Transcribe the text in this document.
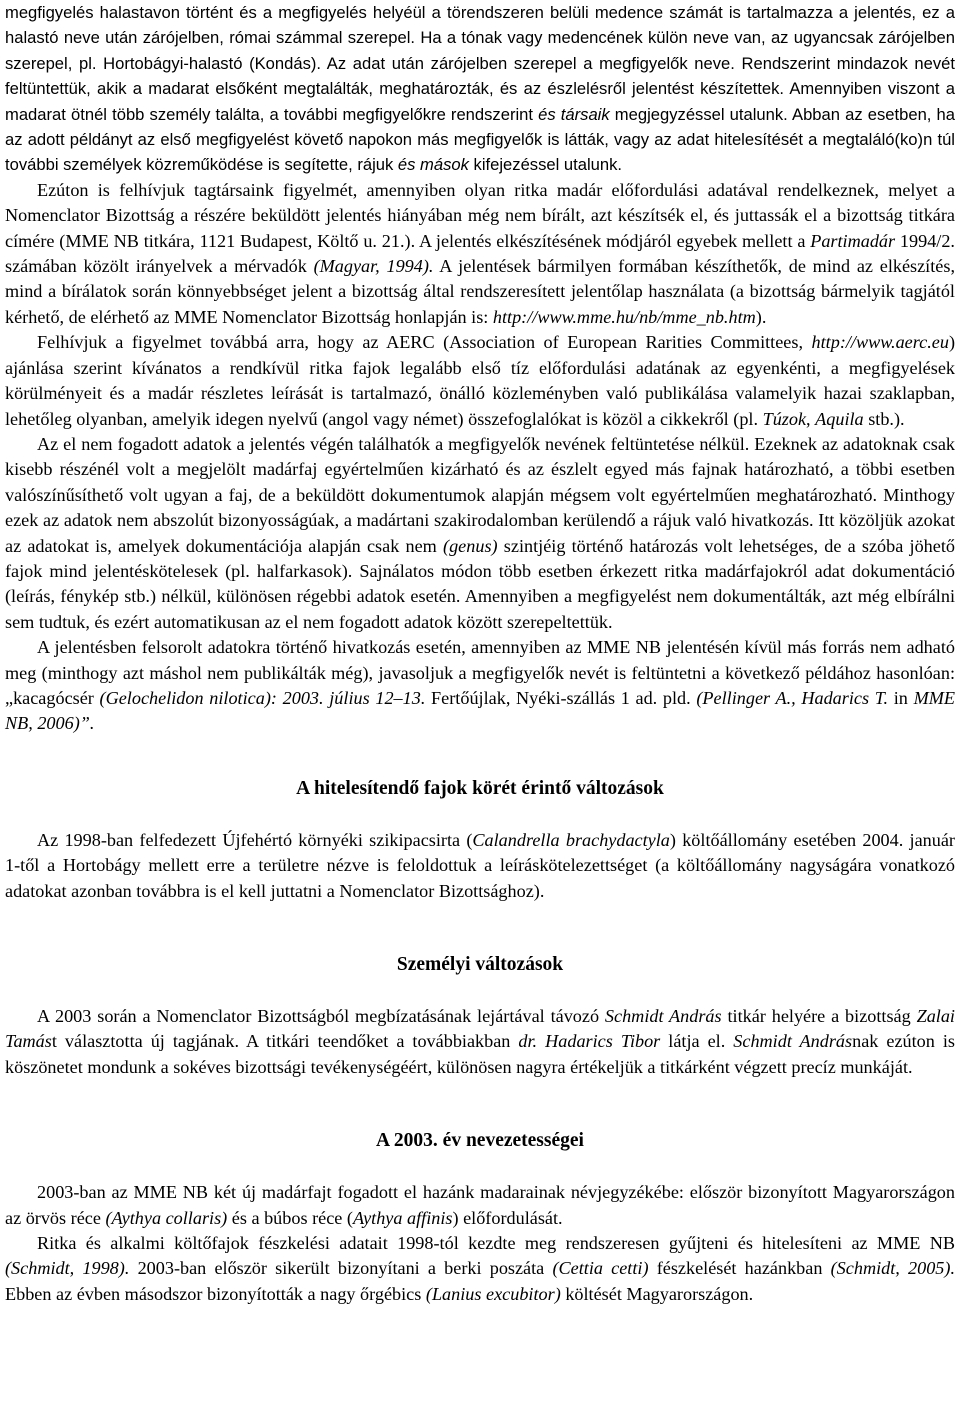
megfigyelés halastavon történt és a megfigyelés helyéül a törendszeren belüli medence számát is tartalmazza a jelentés, ez a halastó neve után zárójelben, római számmal szerepel. Ha a tónak vagy medencének külön neve van, az ugyancsak zárójelben szerepel, pl. Hortobágyi-halastó (Kondás). Az adat után zárójelben szerepel a megfigyelők neve. Rendszerint mindazok nevét feltüntettük, akik a madarat elsőként megtalálták, meghatározták, és az észlelésről jelentést készítettek. Amennyiben viszont a madarat ötnél több személy találta, a további megfigyelőkre rendszerint és társaik megjegyzéssel utalunk. Abban az esetben, ha az adott példányt az első megfigyelést követő napokon más megfigyelők is látták, vagy az adat hitelesítését a megtaláló(ko)n túl további személyek közreműködése is segítette, rájuk és mások kifejezéssel utalunk.

Ezúton is felhívjuk tagtársaink figyelmét, amennyiben olyan ritka madár előfordulási adatával rendelkeznek, melyet a Nomenclator Bizottság a részére beküldött jelentés hiányában még nem bírált, azt készítsék el, és juttassák el a bizottság titkára címére (MME NB titkára, 1121 Budapest, Költő u. 21.). A jelentés elkészítésének módjáról egyebek mellett a Partimadár 1994/2. számában közölt irányelvek a mérvadók (Magyar, 1994). A jelentések bármilyen formában készíthetők, de mind az elkészítés, mind a bírálatok során könnyebbséget jelent a bizottság által rendszeresített jelentőlap használata (a bizottság bármelyik tagjától kérhető, de elérhető az MME Nomenclator Bizottság honlapján is: http://www.mme.hu/nb/mme_nb.htm).

Felhívjuk a figyelmet továbbá arra, hogy az AERC (Association of European Rarities Committees, http://www.aerc.eu) ajánlása szerint kívánatos a rendkívül ritka fajok legalább első tíz előfordulási adatának az egyenkénti, a megfigyelések körülményeit és a madár részletes leírását is tartalmazó, önálló közleményben való publikálása valamelyik hazai szaklapban, lehetőleg olyanban, amelyik idegen nyelvű (angol vagy német) összefoglalókat is közöl a cikkekről (pl. Túzok, Aquila stb.).

Az el nem fogadott adatok a jelentés végén találhatók a megfigyelők nevének feltüntetése nélkül. Ezeknek az adatoknak csak kisebb részénél volt a megjelölt madárfaj egyértelműen kizárható és az észlelt egyed más fajnak határozható, a többi esetben valószínűsíthető volt ugyan a faj, de a beküldött dokumentumok alapján mégsem volt egyértelműen meghatározható. Minthogy ezek az adatok nem abszolút bizonyosságúak, a madártani szakirodalomban kerülendő a rájuk való hivatkozás. Itt közöljük azokat az adatokat is, amelyek dokumentációja alapján csak nem (genus) szintjéig történő határozás volt lehetséges, de a szóba jöhető fajok mind jelentéskötelesek (pl. halfarkasok). Sajnálatos módon több esetben érkezett ritka madárfajokról adat dokumentáció (leírás, fénykép stb.) nélkül, különösen régebbi adatok esetén. Amennyiben a megfigyelést nem dokumentálták, azt még elbírálni sem tudtuk, és ezért automatikusan az el nem fogadott adatok között szerepeltettük.

A jelentésben felsorolt adatokra történő hivatkozás esetén, amennyiben az MME NB jelentésén kívül más forrás nem adható meg (minthogy azt máshol nem publikálták még), javasoljuk a megfigyelők nevét is feltüntetni a következő példához hasonlóan: „kacagócsér (Gelochelidon nilotica): 2003. július 12–13. Fertőújlak, Nyéki-szállás 1 ad. pld. (Pellinger A., Hadarics T. in MME NB, 2006)”.

A hitelesítendő fajok körét érintő változások

Az 1998-ban felfedezett Újfehértó környéki szikipacsirta (Calandrella brachydactyla) költőállomány esetében 2004. január 1-től a Hortobágy mellett erre a területre nézve is feloldottuk a leíráskötelezettséget (a költőállomány nagyságára vonatkozó adatokat azonban továbbra is el kell juttatni a Nomenclator Bizottsághoz).

Személyi változások

A 2003 során a Nomenclator Bizottságból megbízatásának lejártával távozó Schmidt András titkár helyére a bizottság Zalai Tamást választotta új tagjának. A titkári teendőket a továbbiakban dr. Hadarics Tibor látja el. Schmidt Andrásnak ezúton is köszönetet mondunk a sokéves bizottsági tevékenységéért, különösen nagyra értékeljük a titkárként végzett precíz munkáját.

A 2003. év nevezetességei

2003-ban az MME NB két új madárfajt fogadott el hazánk madarainak névjegyzékébe: először bizonyított Magyarországon az örvös réce (Aythya collaris) és a búbos réce (Aythya affinis) előfordulását.

Ritka és alkalmi költőfajok fészkelési adatait 1998-tól kezdte meg rendszeresen gyűjteni és hitelesíteni az MME NB (Schmidt, 1998). 2003-ban először sikerült bizonyítani a berki poszáta (Cettia cetti) fészkelését hazánkban (Schmidt, 2005). Ebben az évben másodszor bizonyították a nagy őrgébics (Lanius excubitor) költését Magyarországon.
